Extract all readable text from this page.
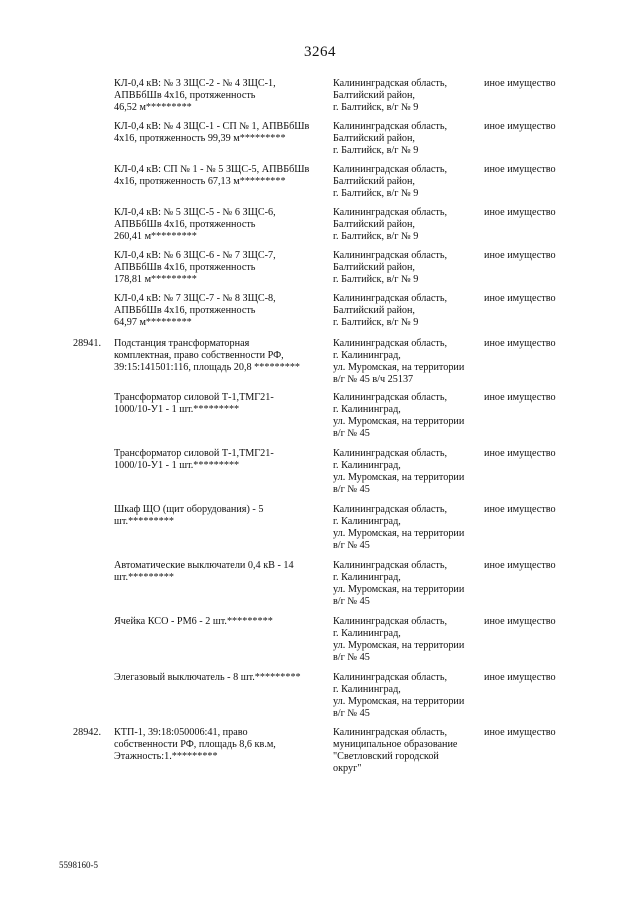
3264
КЛ-0,4 кВ: № 3 ЗЩС-2 - № 4 ЗЩС-1,
АПВБбШв 4х16, протяженность
46,52 м*********
Калининградская область,
Балтийский район,
г. Балтийск, в/г № 9
иное имущество
КЛ-0,4 кВ: № 4 ЗЩС-1 - СП № 1, АПВБбШв
4х16, протяженность 99,39 м*********
Калининградская область,
Балтийский район,
г. Балтийск, в/г № 9
иное имущество
КЛ-0,4 кВ: СП № 1 - № 5 ЗЩС-5, АПВБбШв
4х16, протяженность 67,13 м*********
Калининградская область,
Балтийский район,
г. Балтийск, в/г № 9
иное имущество
КЛ-0,4 кВ: № 5 ЗЩС-5 - № 6 ЗЩС-6,
АПВБбШв 4х16, протяженность
260,41 м*********
Калининградская область,
Балтийский район,
г. Балтийск, в/г № 9
иное имущество
КЛ-0,4 кВ: № 6 ЗЩС-6 - № 7 ЗЩС-7,
АПВБбШв 4х16, протяженность
178,81 м*********
Калининградская область,
Балтийский район,
г. Балтийск, в/г № 9
иное имущество
КЛ-0,4 кВ: № 7 ЗЩС-7 - № 8 ЗЩС-8,
АПВБбШв 4х16, протяженность
64,97 м*********
Калининградская область,
Балтийский район,
г. Балтийск, в/г № 9
иное имущество
28941. Подстанция трансформаторная
комплектная, право собственности РФ,
39:15:141501:116, площадь 20,8 *********
Калининградская область,
г. Калининград,
ул. Муромская, на территории
в/г № 45 в/ч 25137
иное имущество
Трансформатор силовой Т-1,ТМГ21-
1000/10-У1 - 1 шт.*********
Калининградская область,
г. Калининград,
ул. Муромская, на территории
в/г № 45
иное имущество
Трансформатор силовой Т-1,ТМГ21-
1000/10-У1 - 1 шт.*********
Калининградская область,
г. Калининград,
ул. Муромская, на территории
в/г № 45
иное имущество
Шкаф ЩО (щит оборудования) - 5
шт.*********
Калининградская область,
г. Калининград,
ул. Муромская, на территории
в/г № 45
иное имущество
Автоматические выключатели 0,4 кВ - 14
шт.*********
Калининградская область,
г. Калининград,
ул. Муромская, на территории
в/г № 45
иное имущество
Ячейка КСО - РМ6 - 2 шт.*********	Калининградская область,
г. Калининград,
ул. Муромская, на территории
в/г № 45
иное имущество
Элегазовый выключатель - 8 шт.*********	Калининградская область,
г. Калининград,
ул. Муромская, на территории
в/г № 45
иное имущество
28942. КТП-1, 39:18:050006:41, право
собственности РФ, площадь 8,6 кв.м,
Этажность:1.*********
Калининградская область,
муниципальное образование
"Светловский городской
округ"
иное имущество
5598160-5
